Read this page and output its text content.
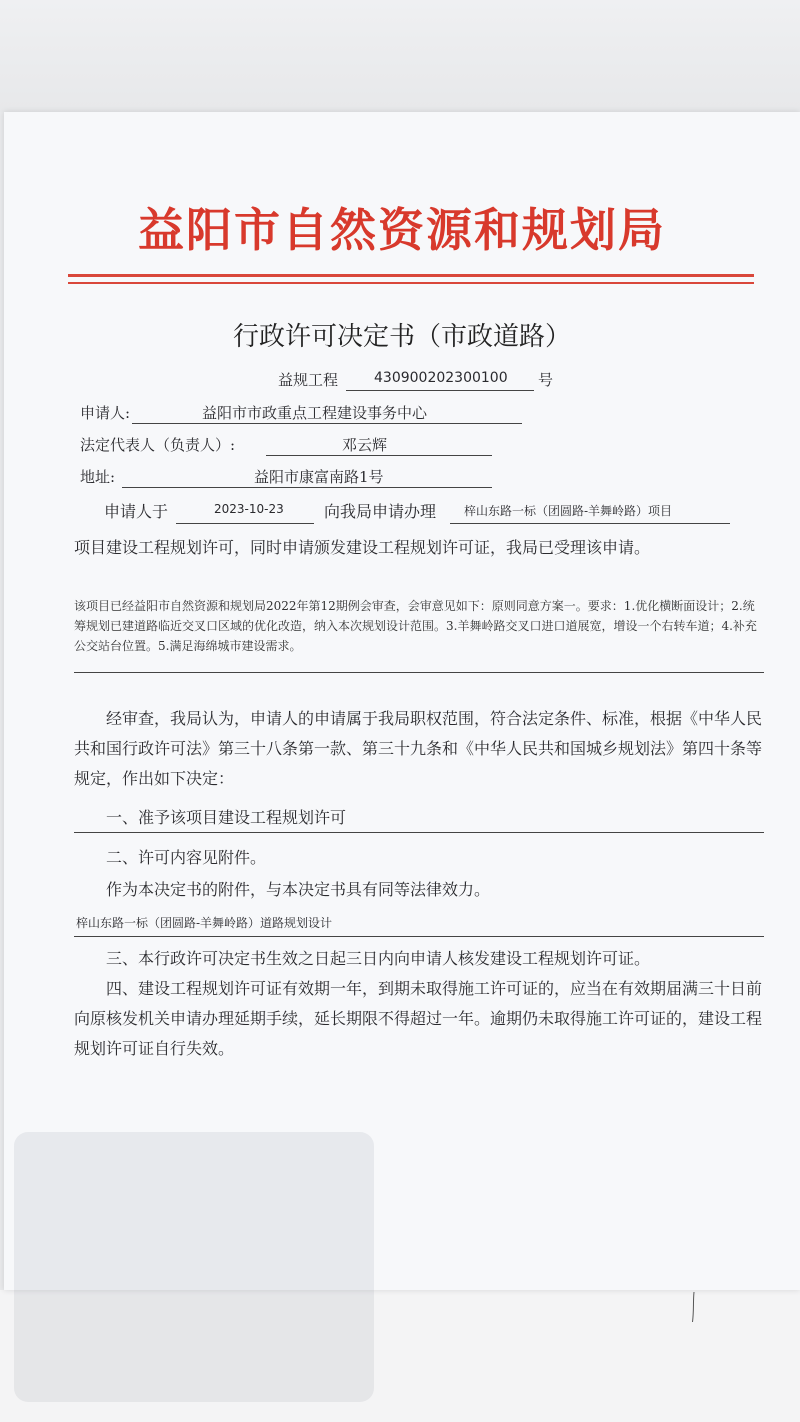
益阳市自然资源和规划局
行政许可决定书（市政道路）
益规工程	430900202300100 号
申请人:	益阳市市政重点工程建设事务中心
法定代表人（负责人）:	邓云辉
地址:	益阳市康富南路1号
申请人于	2023-10-23	向我局申请办理 梓山东路一标（团圆路-羊舞岭路）项目
项目建设工程规划许可，同时申请颁发建设工程规划许可证，我局已受理该申请。
该项目已经益阳市自然资源和规划局2022年第12期例会审查，会审意见如下：原则同意方案一。要求：1.优化横断面设计；2.统筹规划已建道路临近交叉口区域的优化改造，纳入本次规划设计范围。3.羊舞岭路交叉口进口道展宽，增设一个右转车道；4.补充公交站台位置。5.满足海绵城市建设需求。
经审查，我局认为，申请人的申请属于我局职权范围，符合法定条件、标准，根据《中华人民共和国行政许可法》第三十八条第一款、第三十九条和《中华人民共和国城乡规划法》第四十条等规定，作出如下决定：
一、准予该项目建设工程规划许可
二、许可内容见附件。
作为本决定书的附件，与本决定书具有同等法律效力。
梓山东路一标（团圆路-羊舞岭路）道路规划设计
三、本行政许可决定书生效之日起三日内向申请人核发建设工程规划许可证。
四、建设工程规划许可证有效期一年，到期未取得施工许可证的，应当在有效期届满三十日前向原核发机关申请办理延期手续，延长期限不得超过一年。逾期仍未取得施工许可证的，建设工程规划许可证自行失效。
